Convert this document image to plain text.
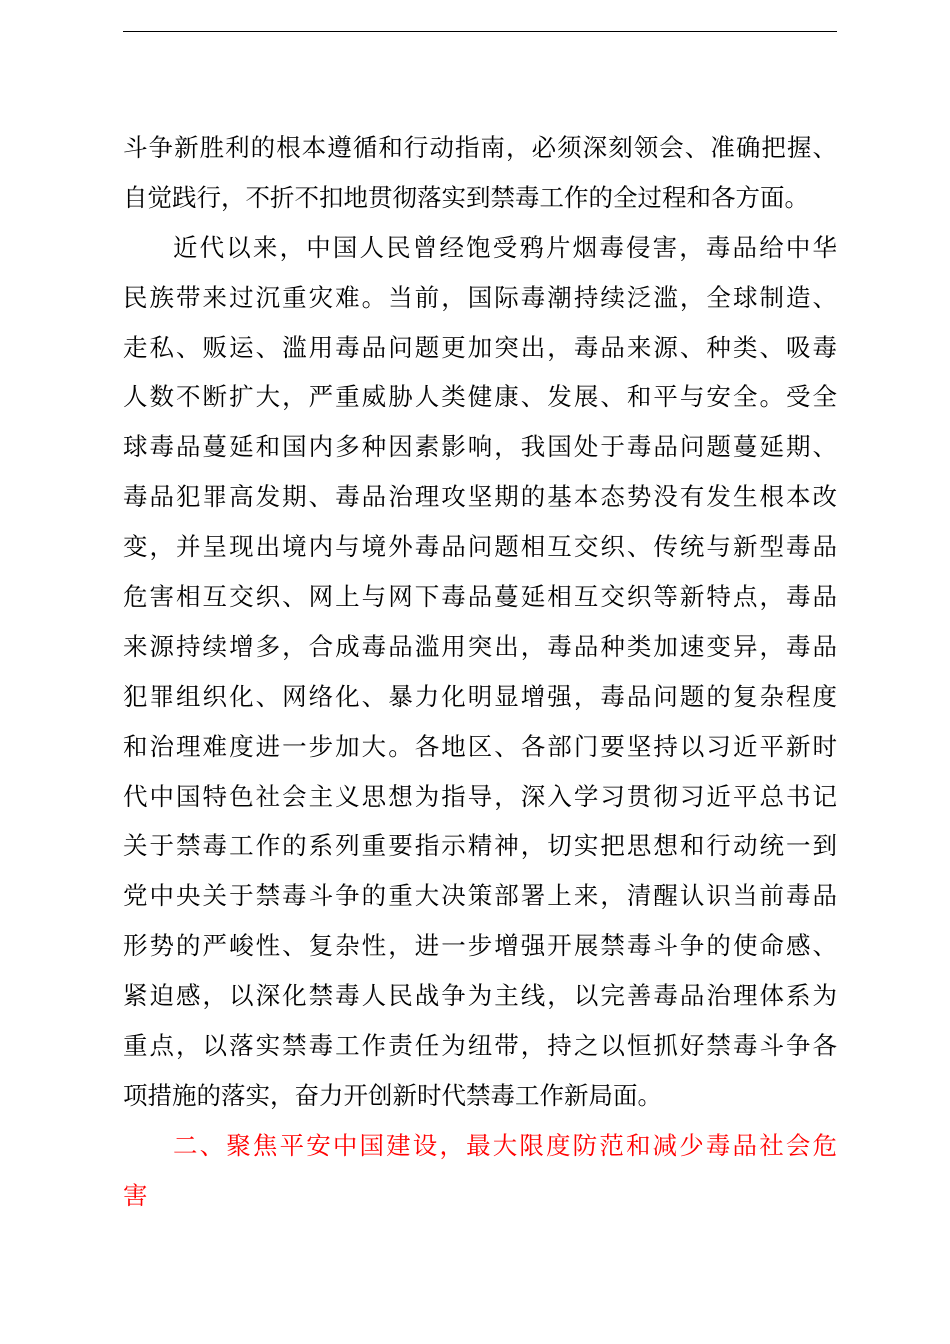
斗争新胜利的根本遵循和行动指南，必须深刻领会、准确把握、
自觉践行，不折不扣地贯彻落实到禁毒工作的全过程和各方面。
近代以来，中国人民曾经饱受鸦片烟毒侵害，毒品给中华
民族带来过沉重灾难。当前，国际毒潮持续泛滥，全球制造、
走私、贩运、滥用毒品问题更加突出，毒品来源、种类、吸毒
人数不断扩大，严重威胁人类健康、发展、和平与安全。受全
球毒品蔓延和国内多种因素影响，我国处于毒品问题蔓延期、
毒品犯罪高发期、毒品治理攻坚期的基本态势没有发生根本改
变，并呈现出境内与境外毒品问题相互交织、传统与新型毒品
危害相互交织、网上与网下毒品蔓延相互交织等新特点，毒品
来源持续增多，合成毒品滥用突出，毒品种类加速变异，毒品
犯罪组织化、网络化、暴力化明显增强，毒品问题的复杂程度
和治理难度进一步加大。各地区、各部门要坚持以习近平新时
代中国特色社会主义思想为指导，深入学习贯彻习近平总书记
关于禁毒工作的系列重要指示精神，切实把思想和行动统一到
党中央关于禁毒斗争的重大决策部署上来，清醒认识当前毒品
形势的严峻性、复杂性，进一步增强开展禁毒斗争的使命感、
紧迫感，以深化禁毒人民战争为主线，以完善毒品治理体系为
重点，以落实禁毒工作责任为纽带，持之以恒抓好禁毒斗争各
项措施的落实，奋力开创新时代禁毒工作新局面。
二、聚焦平安中国建设，最大限度防范和减少毒品社会危
害
